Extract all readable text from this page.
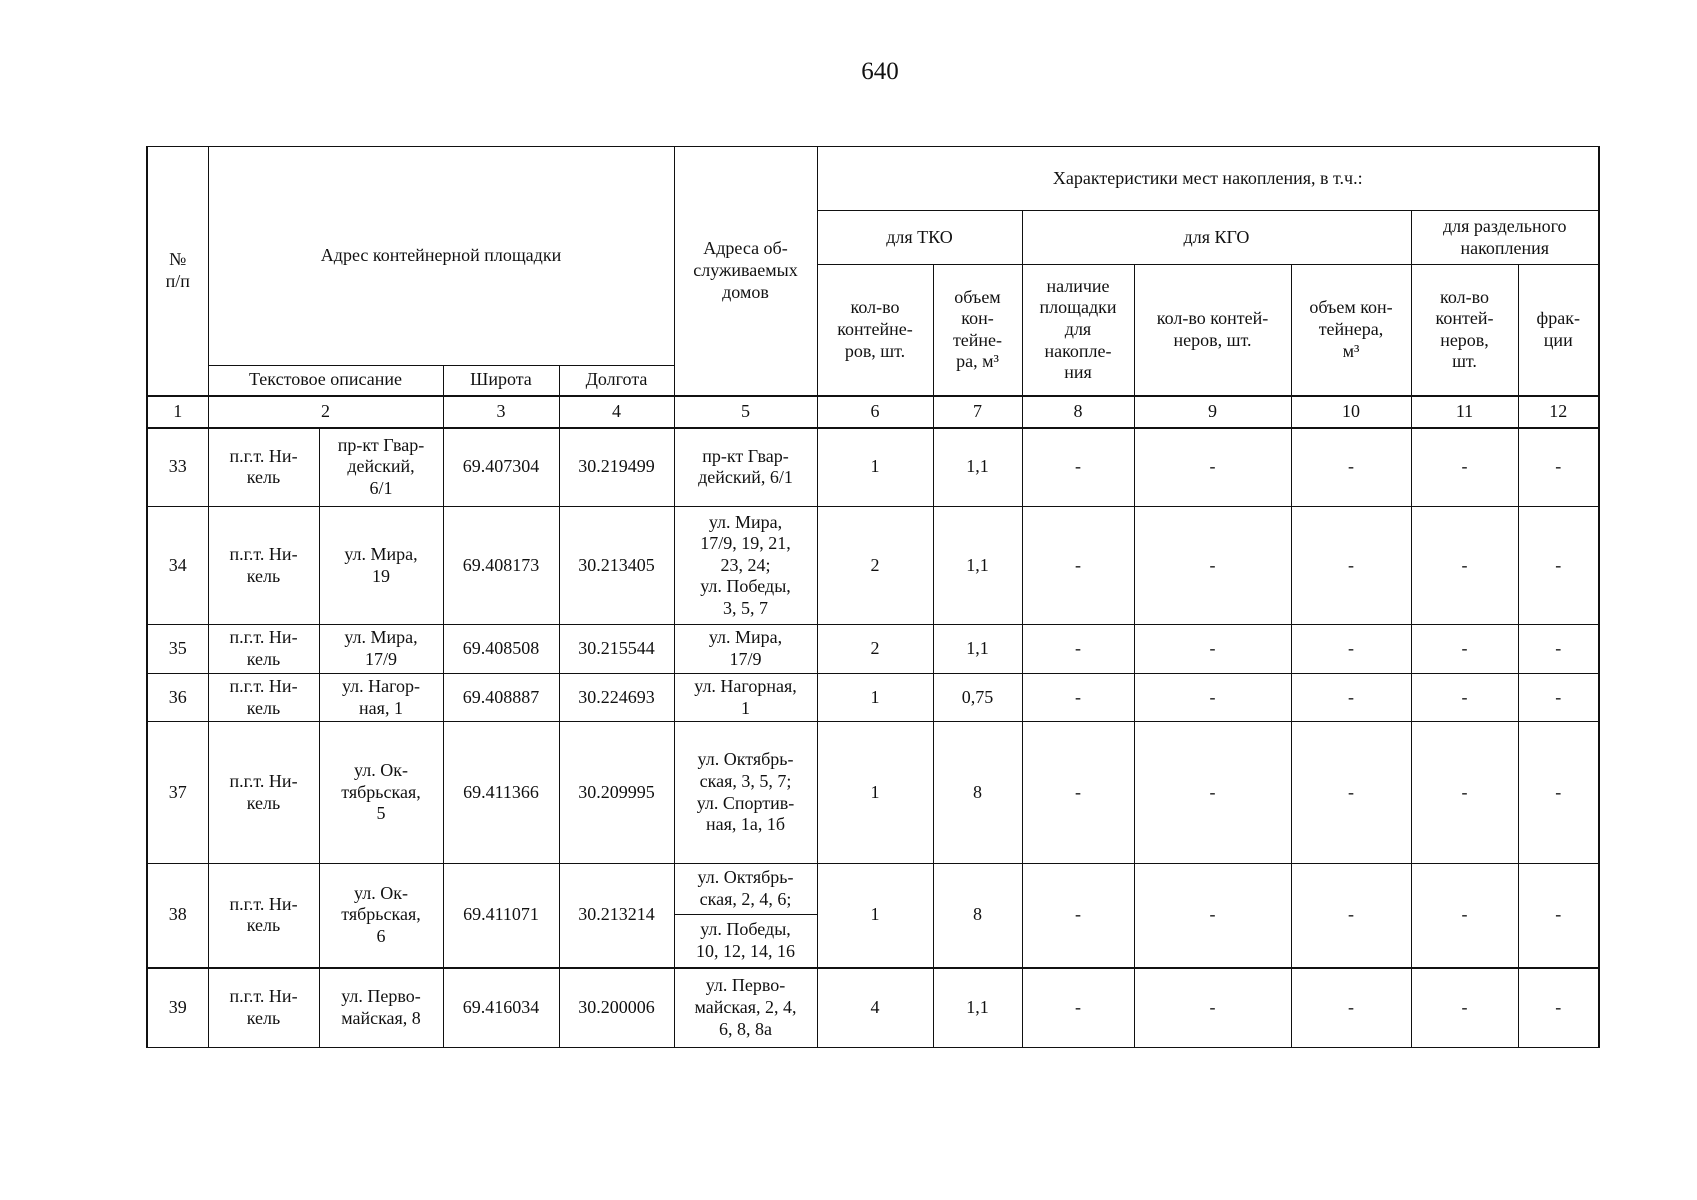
640
№
п/п	Адрес контейнерной площадки				Адреса об-
служиваемых
домов	Характеристики мест накопления, в т.ч.:						
						для ТКО		для КГО			для раздельного
накопления	
						кол-во
контейне-
ров, шт.	объем
кон-
тейне-
ра, м³	наличие
площадки
для
накопле-
ния	кол-во контей-
неров, шт.	объем кон-
тейнера,
м³	кол-во
контей-
неров,
шт.	фрак-
ции
	Текстовое описание		Широта	Долгота								
1	2		3	4	5	6	7	8	9	10	11	12
33	п.г.т. Ни-
кель	пр-кт Гвар-
дейский,
6/1	69.407304	30.219499	пр-кт Гвар-
дейский, 6/1	1	1,1	-	-	-	-	-
34	п.г.т. Ни-
кель	ул. Мира,
19	69.408173	30.213405	ул. Мира,
17/9, 19, 21,
23, 24;
ул. Победы,
3, 5, 7	2	1,1	-	-	-	-	-
35	п.г.т. Ни-
кель	ул. Мира,
17/9	69.408508	30.215544	ул. Мира,
17/9	2	1,1	-	-	-	-	-
36	п.г.т. Ни-
кель	ул. Нагор-
ная, 1	69.408887	30.224693	ул. Нагорная,
1	1	0,75	-	-	-	-	-
37	п.г.т. Ни-
кель	ул. Ок-
тябрьская,
5	69.411366	30.209995	ул. Октябрь-
ская, 3, 5, 7;
ул. Спортив-
ная, 1а, 1б	1	8	-	-	-	-	-
38	п.г.т. Ни-
кель	ул. Ок-
тябрьская,
6	69.411071	30.213214	ул. Октябрь-
ская, 2, 4, 6;	1	8	-	-	-	-	-
					ул. Победы,
10, 12, 14, 16							
39	п.г.т. Ни-
кель	ул. Перво-
майская, 8	69.416034	30.200006	ул. Перво-
майская, 2, 4,
6, 8, 8а	4	1,1	-	-	-	-	-
